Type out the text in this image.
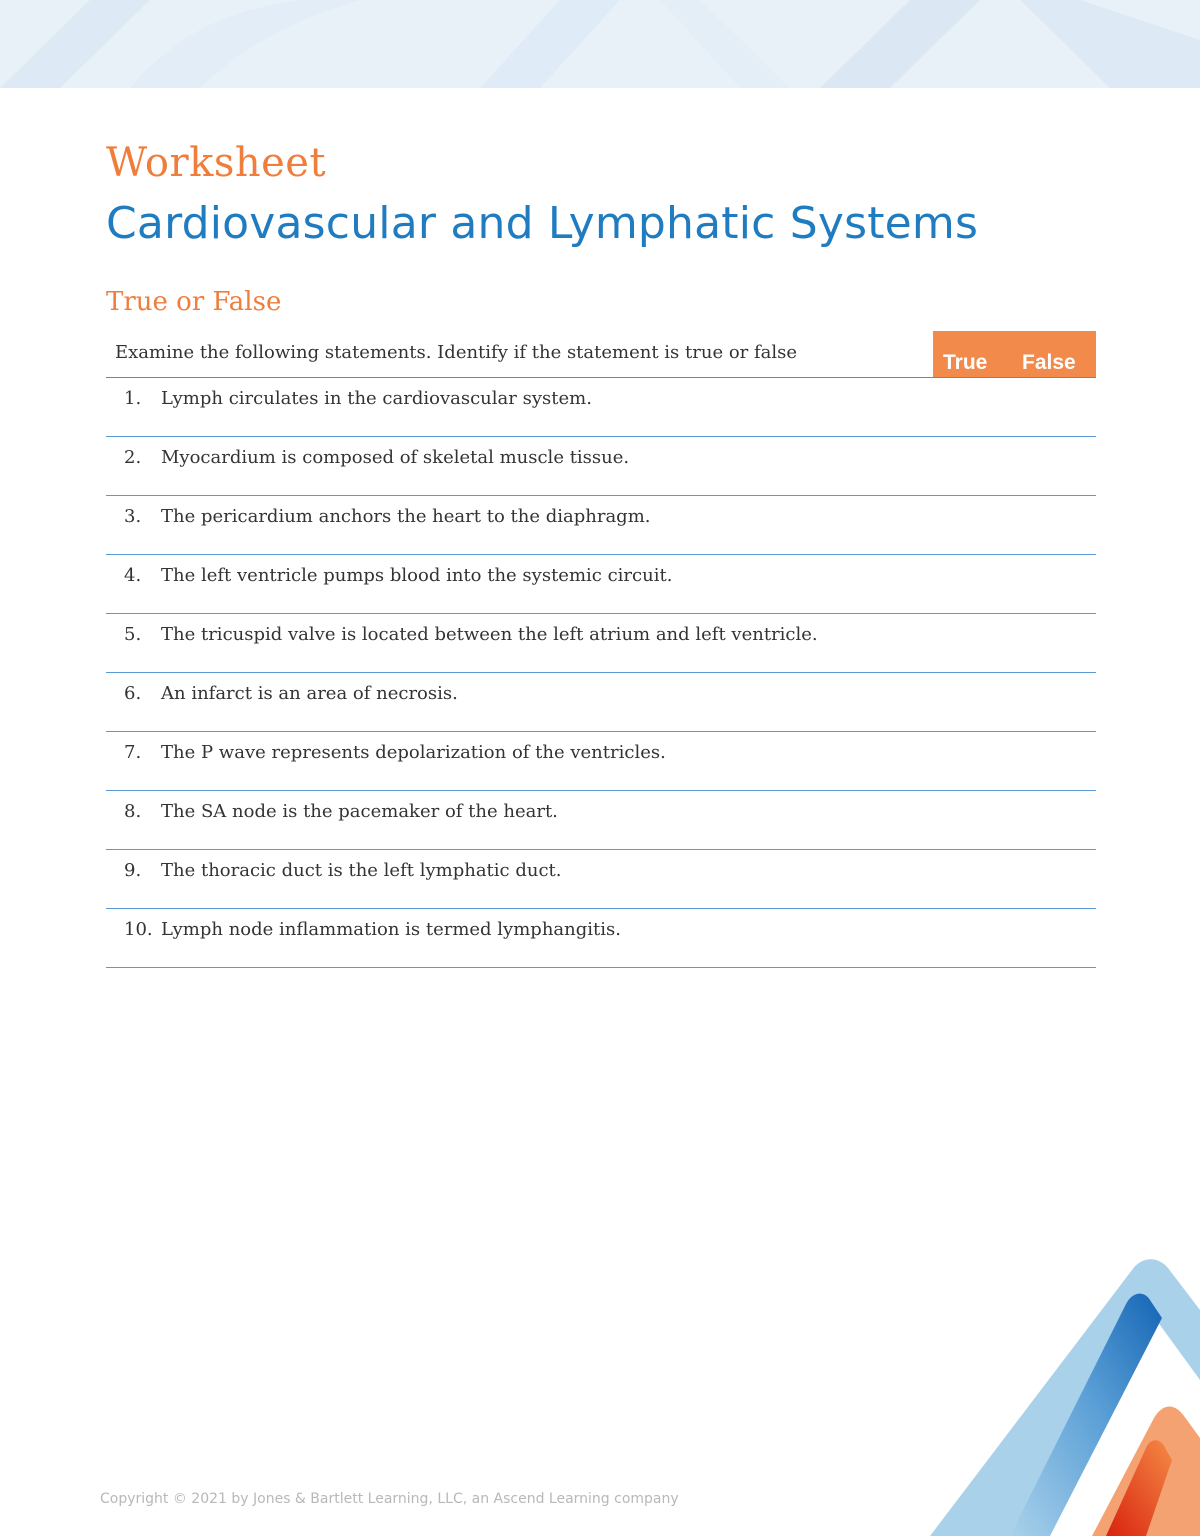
Worksheet
Cardiovascular and Lymphatic Systems
True or False
Examine the following statements. Identify if the statement is true or false	True False
1. Lymph circulates in the cardiovascular system.
2. Myocardium is composed of skeletal muscle tissue.
3. The pericardium anchors the heart to the diaphragm.
4. The left ventricle pumps blood into the systemic circuit.
5. The tricuspid valve is located between the left atrium and left ventricle.
6. An infarct is an area of necrosis.
7. The P wave represents depolarization of the ventricles.
8. The SA node is the pacemaker of the heart.
9. The thoracic duct is the left lymphatic duct.
10. Lymph node inflammation is termed lymphangitis.
Copyright © 2021 by Jones & Bartlett Learning, LLC, an Ascend Learning company
